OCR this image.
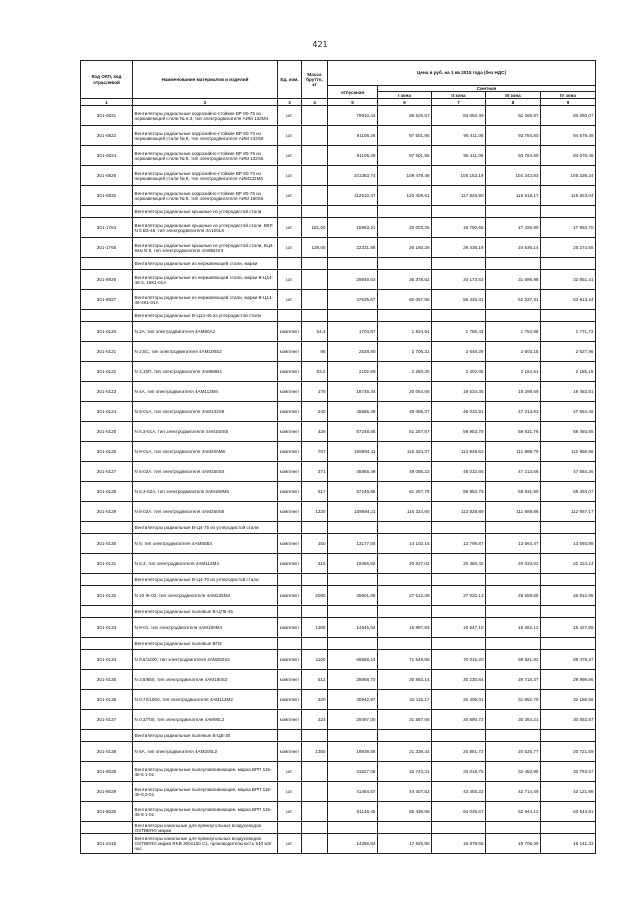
421
Код ОКП, код отраслевой	Наименование материалов и изделий	Ед. изм.	Масса брутто, кг	Цена в руб. на 1 кв 2015 года (без НДС)				
				отпускная	Сметная			
					I зона	II зона	III зона	IV зона
1	2	3	4	5	6	7	8	9
301-0821	Вентиляторы радиальные коррозийно-стойкие ВР 80-75 из нержавеющей стали № 6.3, тип электродвигателя АИМ 132М4	шт.		79910,43	85 526,57	83 692,49	82 265,97	83 050,07
301-0822	Вентиляторы радиальные коррозийно-стойкие ВР 80-75 из нержавеющей стали № 8, тип электродвигателя АИМ 132S8	шт.		91106,26	97 501,95	95 411,06	93 784,80	94 679,48
301-0824	Вентиляторы радиальные коррозийно-стойкие ВР 80-75 из нержавеющей стали № 8, тип электродвигателя АИМ 132S6	шт.		91106,26	97 501,95	95 411,06	93 784,80	94 679,48
301-0826	Вентиляторы радиальные коррозийно-стойкие ВР 80-75 из нержавеющей стали № 8, тип электродвигателя АИМ132М6	шт.		101353,74	108 479,48	106 153,19	104 343,83	105 339,24
301-0832	Вентиляторы радиальные коррозийно-стойкие ВР 80-75 из нержавеющей стали № 8, тип электродвигателя АИМ 160S6	шт.		112510,37	120 408,61	117 826,50	115 818,17	116 923,04
	Вентиляторы радиальные крышные из углеродистой стали							
301-1764	Вентиляторы радиальные крышные из углеродистой стали, ВКР N 6 ВЗ-46, тип электродвигателя 4А100L8	шт.	181,00	15983,21	20 003,26	19 790,65	17 426,90	17 953,70
301-1765	Вентиляторы радиальные крышные из углеродистой стали, КЦ4-84м N 8, тип электродвигателя 4А80В4У3	шт.	138,00	22331,98	26 160,28	26 438,19	24 636,14	25 274,55
	Вентиляторы радиальные из нержавеющей стали, марки							
301-8926	Вентиляторы радиальные из нержавеющей стали, марки В-Ц14-46-3, 15К1-01А	шт.		29849,53	36 378,62	34 173,52	31 696,98	32 651,41
301-8927	Вентиляторы радиальные из нержавеющей стали, марки В-Ц14-46-4К1-01А	шт.		47635,67	60 067,85	56 426,31	52 337,31	53 913,24
	Вентиляторы радиальные В-Ц14-46 из углеродистой стали							
301-0120	N 2А, тип электродвигателя 4АМ80А2	комплект	54,4	1704,87	1 824,54	1 785,43	1 754,98	1 771,73
301-0121	N 2,5С, тип электродвигателя 4АМ100S2	комплект	96	2528,80	2 706,31	2 648,29	2 603,15	2 627,96
301-0122	N 3,15П, тип электродвигателя 4АМ80В4	комплект	83,2	2102,69	2 250,30	2 202,05	2 164,51	2 185,15
301-0123	N 4А, тип электродвигателя 4АМ112М4	комплект	176	18748,44	20 064,68	19 634,35	19 299,69	19 483,81
301-0124	N 5-01А, тип электродвигателя 4АМ132S6	комплект	240	45865,49	49 085,37	48 032,91	47 213,63	47 664,46
301-0125	N 6,3-01А, тип электродвигателя 4АМ160S6	комплект	428	57248,85	61 267,57	59 953,78	58 931,76	59 493,85
301-0126	N 8-01А, тип электродвигателя 4АМ200М6	комплект	757	106694,11	116 324,37	113 829,63	111 889,79	112 956,96
301-0127	N 5-02А, тип электродвигателя 4АМ160S4	комплект	371	45865,49	49 085,22	48 032,65	47 213,66	47 664,36
301-0128	N 6,3-02А, тип электродвигателя 4АМ180М6	комплект	517	57249,85	61 267,78	59 953,79	58 931,90	59 494,07
301-0129	N 8-02А, тип электродвигателя 4АМ250S6	комплект	1220	108694,11	116 324,60	113 829,89	111 889,86	112 957,17
	Вентиляторы радиальные В-Ц4-75 из углеродистой стали							
301-0130	N 5, тип электродвигателя 4АМ80В4	комплект	150	13177,06	14 102,16	13 799,87	13 564,47	13 693,88
301-0131	N 6,3, тип электродвигателя 4АМ112М4	комплект	315	19466,82	20 827,02	20 380,42	20 033,02	20 224,14
	Вентиляторы радиальные В-Ц4-70 из углеродистой стали							
301-0132	N 10 Ж-02, тип электродвигателя 4АМ225М4	комплект	2060	25801,05	27 612,28	27 020,13	26 559,58	26 812,95
	Вентиляторы радиальные пылевые В-ЦП6-45							
301-0133	N 8-01, тип электродвигателя 4АМ180М4	комплект	1300	14845,84	15 887,83	15 547,10	15 282,12	15 427,89
	Вентиляторы радиальные пылевые ВПЗ							
301-0134	N 9,6/1200, тип электродвигателя 4АМ250S2	комплект	1100	66858,24	71 549,58	70 015,20	68 821,82	69 478,37
301-0135	N 3,8/850, тип электродвигателя 4АМ160S2	комплект	512	28868,70	30 893,14	30 230,64	29 715,37	29 998,86
301-0136	N 0,72/1000, тип электродвигателя 4АМ112М2	комплект	320	30942,97	33 115,17	32 405,01	31 852,70	32 156,56
301-0137	N 0,3/700, тип электродвигателя 4АМ90L2	комплект	224	29497,00	31 567,68	30 890,72	30 364,21	30 653,87
	Вентиляторы радиальные пылевые В-ЦВ-30							
301-0138	N 8А, тип электродвигателя 4АМ200L2	комплект	1350	19938,56	21 339,34	20 881,72	20 525,77	20 721,59
301-8028	Вентиляторы радиальные пылеулавливающие, марка ВРП 115-45-5 1-01	шт.		31527,08	33 743,31	33 018,75	32 453,98	32 763,57
301-8029	Вентиляторы радиальные пылеулавливающие, марка ВРП 115-45-6,3-01	шт.		41494,57	44 407,52	43 455,22	42 714,49	43 121,98
301-8030	Вентиляторы радиальные пылеулавливающие, марка ВРП 115-45-8 1-01	шт.		61146,45	65 438,69	64 035,67	62 944,12	63 544,61
	Вентиляторы канальные для прямоугольных воздуховодов OSTBERG марки							
301-2416	Вентиляторы канальные для прямоугольных воздуховодов OSTBERG марки RKB 300x150 С1, производительность 540 м3/час	шт.		14356,84	17 825,90	16 879,65	15 706,39	16 141,33
